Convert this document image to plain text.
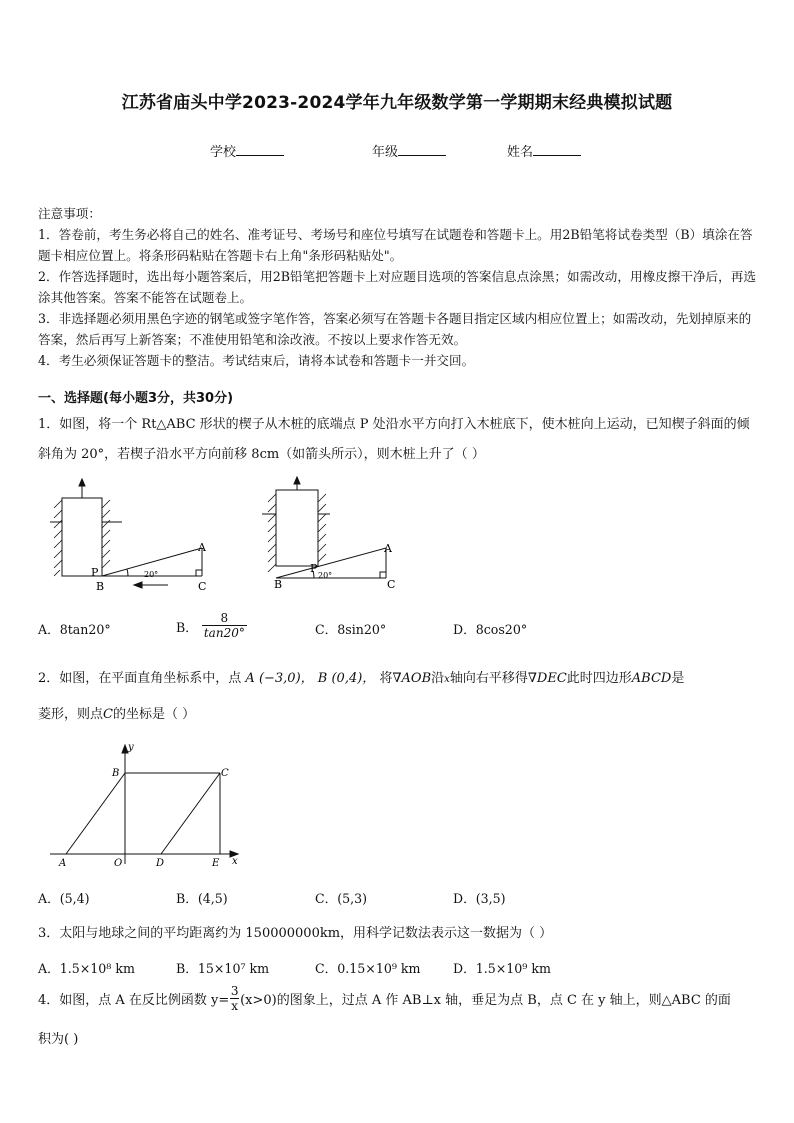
江苏省庙头中学2023-2024学年九年级数学第一学期期末经典模拟试题
学校	年级	姓名

注意事项：

1．答卷前，考生务必将自己的姓名、准考证号、考场号和座位号填写在试题卷和答题卡上。用2B铅笔将试卷类型（B）填涂在答题卡相应位置上。将条形码粘贴在答题卡右上角"条形码粘贴处"。

2．作答选择题时，选出每小题答案后，用2B铅笔把答题卡上对应题目选项的答案信息点涂黑；如需改动，用橡皮擦干净后，再选涂其他答案。答案不能答在试题卷上。

3．非选择题必须用黑色字迹的钢笔或签字笔作答，答案必须写在答题卡各题目指定区域内相应位置上；如需改动，先划掉原来的答案，然后再写上新答案；不准使用铅笔和涂改液。不按以上要求作答无效。

4．考生必须保证答题卡的整洁。考试结束后，请将本试卷和答题卡一并交回。

一、选择题(每小题3分，共30分)
1．如图，将一个 Rt△ABC 形状的楔子从木桩的底端点 P 处沿水平方向打入木桩底下，使木桩向上运动，已知楔子斜面的倾斜角为 20°，若楔子沿水平方向前移 8cm（如箭头所示），则木桩上升了（ ）
A
P
B	C
20°
A
P
B	C
20°
A．8tan20°	B． $\frac{8}{\tan 20^\circ}$	C．8sin20°	D．8cos20°
2．如图，在平面直角坐标系中，点 A (−3,0)， B (0,4)， 将∇AOB沿x轴向右平移得∇DEC此时四边形ABCD是
菱形，则点C的坐标是（ ）
y
x
B	C
A	O	D	E
A．(5,4)	B．(4,5)	C．(5,3)	D．(3,5)
3．太阳与地球之间的平均距离约为 150000000km，用科学记数法表示这一数据为（ ）
A．1.5×10⁸ km	B．15×10⁷ km	C．0.15×10⁹ km	D．1.5×10⁹ km
4．如图，点 A 在反比例函数 $y= \frac{3}{x} (x>0)$的图象上，过点 A 作 AB⊥x 轴，垂足为点 B，点 C 在 y 轴上，则△ABC 的面
积为( )
